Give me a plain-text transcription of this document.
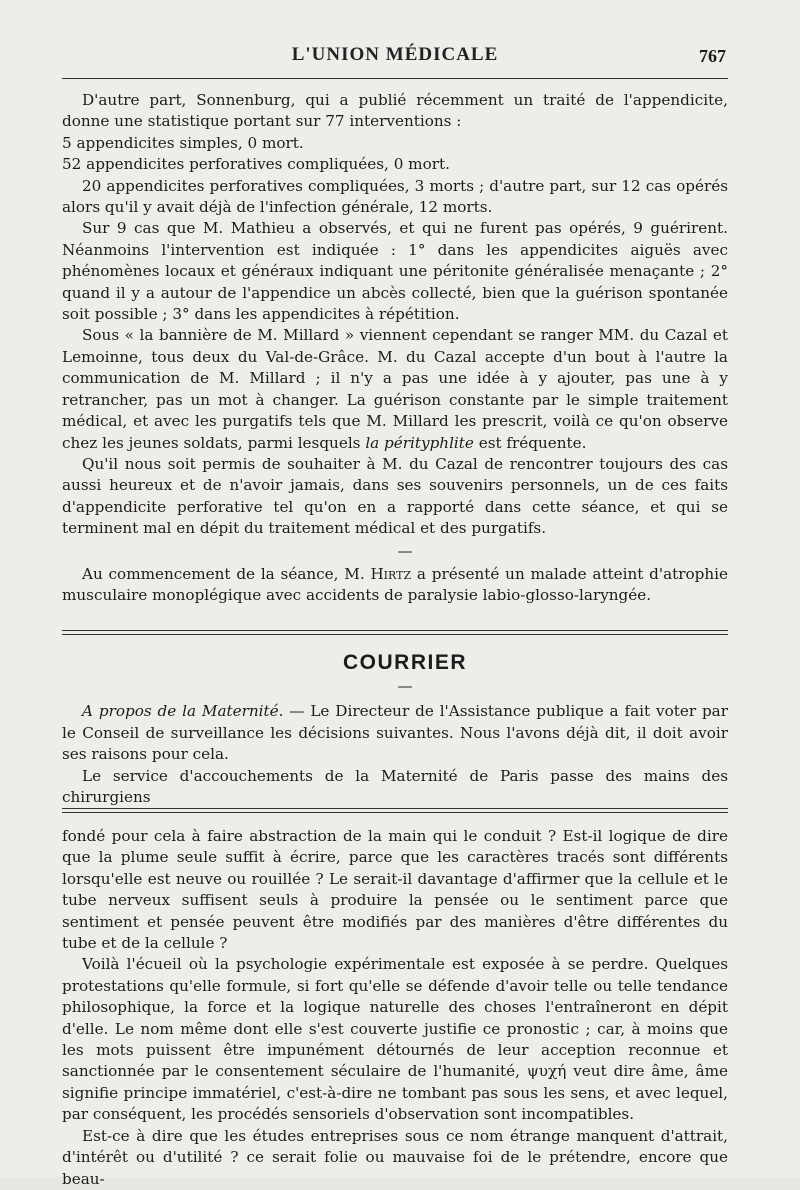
L'UNION MÉDICALE	767

D'autre part, Sonnenburg, qui a publié récemment un traité de l'appendicite, donne une statistique portant sur 77 interventions :

5 appendicites simples, 0 mort.

52 appendicites perforatives compliquées, 0 mort.

20 appendicites perforatives compliquées, 3 morts ; d'autre part, sur 12 cas opérés alors qu'il y avait déjà de l'infection générale, 12 morts.

Sur 9 cas que M. Mathieu a observés, et qui ne furent pas opérés, 9 guérirent. Néanmoins l'intervention est indiquée : 1° dans les appendicites aiguës avec phénomènes locaux et généraux indiquant une péritonite généralisée menaçante ; 2° quand il y a autour de l'appendice un abcès collecté, bien que la guérison spontanée soit possible ; 3° dans les appendicites à répétition.

Sous « la bannière de M. Millard » viennent cependant se ranger MM. du Cazal et Lemoinne, tous deux du Val-de-Grâce. M. du Cazal accepte d'un bout à l'autre la communication de M. Millard ; il n'y a pas une idée à y ajouter, pas une à y retrancher, pas un mot à changer. La guérison constante par le simple traitement médical, et avec les purgatifs tels que M. Millard les prescrit, voilà ce qu'on observe chez les jeunes soldats, parmi lesquels la pérityphlite est fréquente.

Qu'il nous soit permis de souhaiter à M. du Cazal de rencontrer toujours des cas aussi heureux et de n'avoir jamais, dans ses souvenirs personnels, un de ces faits d'appendicite perforative tel qu'on en a rapporté dans cette séance, et qui se terminent mal en dépit du traitement médical et des purgatifs.

—

Au commencement de la séance, M. Hirtz a présenté un malade atteint d'atrophie musculaire monoplégique avec accidents de paralysie labio-glosso-laryngée.

COURRIER

—

A propos de la Maternité. — Le Directeur de l'Assistance publique a fait voter par le Conseil de surveillance les décisions suivantes. Nous l'avons déjà dit, il doit avoir ses raisons pour cela.

Le service d'accouchements de la Maternité de Paris passe des mains des chirurgiens

fondé pour cela à faire abstraction de la main qui le conduit ? Est-il logique de dire que la plume seule suffit à écrire, parce que les caractères tracés sont différents lorsqu'elle est neuve ou rouillée ? Le serait-il davantage d'affirmer que la cellule et le tube nerveux suffisent seuls à produire la pensée ou le sentiment parce que sentiment et pensée peuvent être modifiés par des manières d'être différentes du tube et de la cellule ?

Voilà l'écueil où la psychologie expérimentale est exposée à se perdre. Quelques protestations qu'elle formule, si fort qu'elle se défende d'avoir telle ou telle tendance philosophique, la force et la logique naturelle des choses l'entraîneront en dépit d'elle. Le nom même dont elle s'est couverte justifie ce pronostic ; car, à moins que les mots puissent être impunément détournés de leur acception reconnue et sanctionnée par le consentement séculaire de l'humanité, ψυχή veut dire âme, âme signifie principe immatériel, c'est-à-dire ne tombant pas sous les sens, et avec lequel, par conséquent, les procédés sensoriels d'observation sont incompatibles.

Est-ce à dire que les études entreprises sous ce nom étrange manquent d'attrait, d'intérêt ou d'utilité ? ce serait folie ou mauvaise foi de le prétendre, encore que beau-
